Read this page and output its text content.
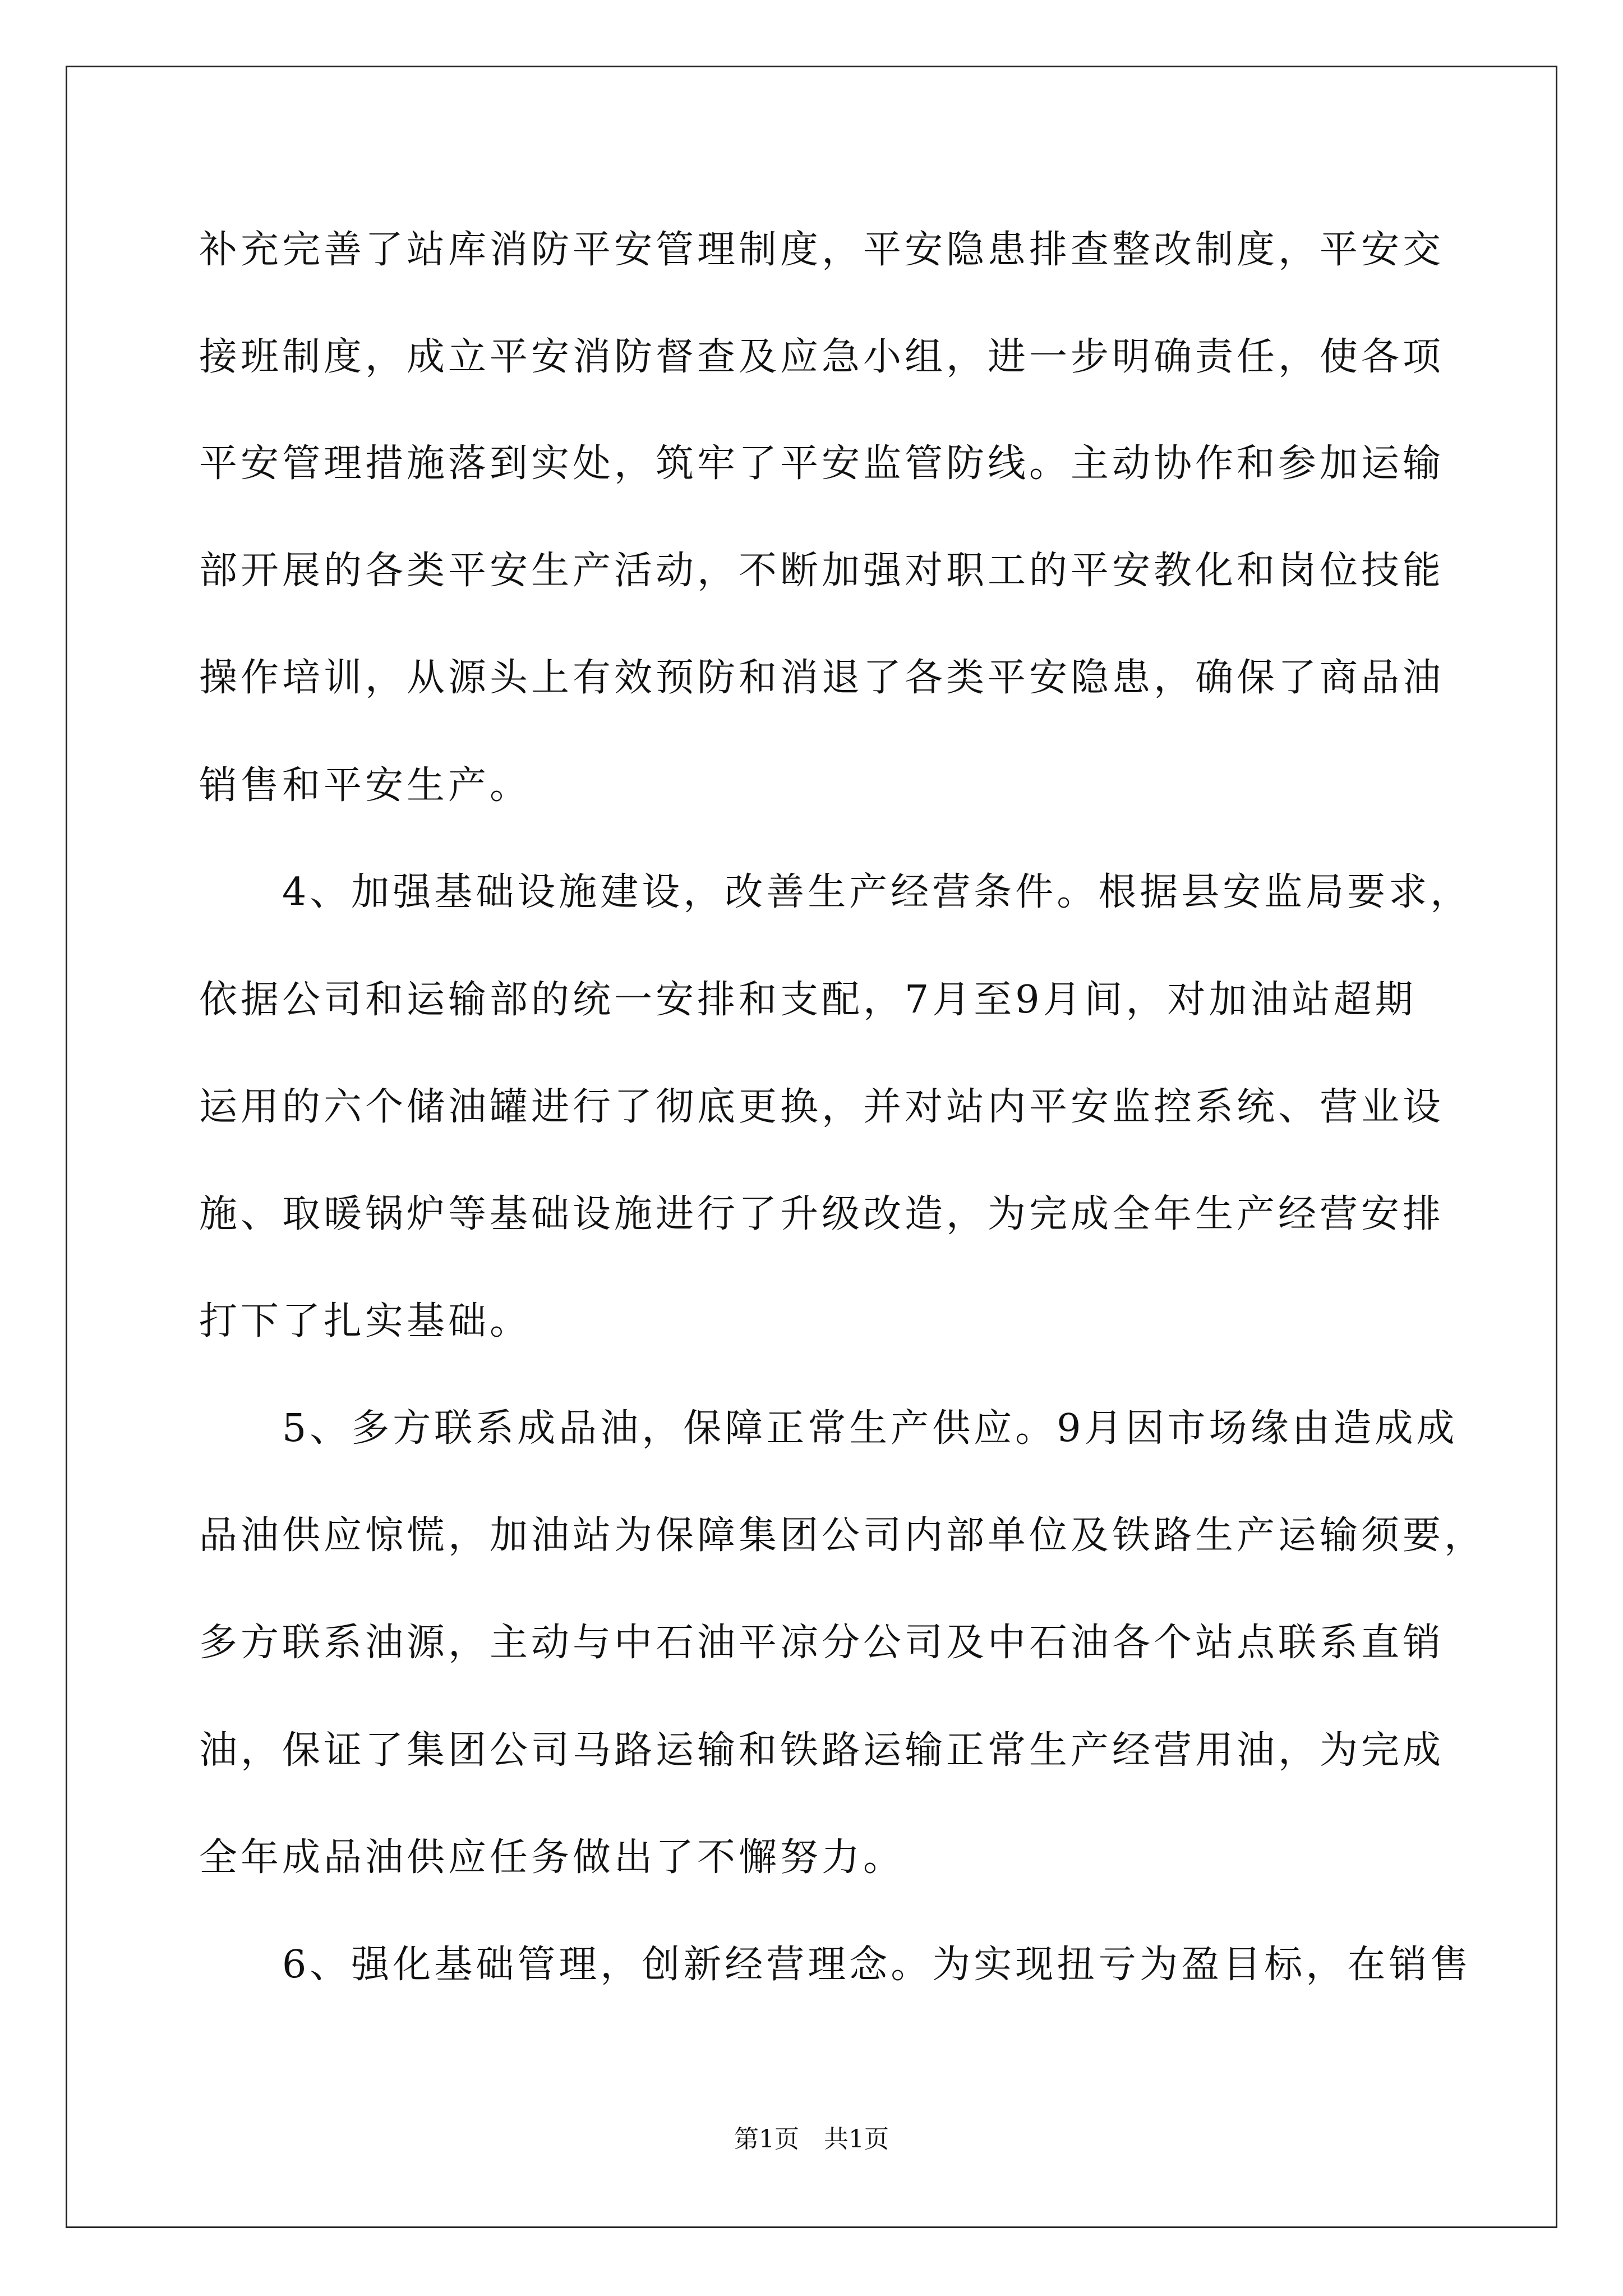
补充完善了站库消防平安管理制度，平安隐患排查整改制度，平安交
接班制度，成立平安消防督查及应急小组，进一步明确责任，使各项
平安管理措施落到实处，筑牢了平安监管防线。主动协作和参加运输
部开展的各类平安生产活动，不断加强对职工的平安教化和岗位技能
操作培训，从源头上有效预防和消退了各类平安隐患，确保了商品油
销售和平安生产。
　　4、加强基础设施建设，改善生产经营条件。根据县安监局要求，
依据公司和运输部的统一安排和支配，7月至9月间，对加油站超期
运用的六个储油罐进行了彻底更换，并对站内平安监控系统、营业设
施、取暖锅炉等基础设施进行了升级改造，为完成全年生产经营安排
打下了扎实基础。
　　5、多方联系成品油，保障正常生产供应。9月因市场缘由造成成
品油供应惊慌，加油站为保障集团公司内部单位及铁路生产运输须要，
多方联系油源，主动与中石油平凉分公司及中石油各个站点联系直销
油，保证了集团公司马路运输和铁路运输正常生产经营用油，为完成
全年成品油供应任务做出了不懈努力。
　　6、强化基础管理，创新经营理念。为实现扭亏为盈目标，在销售
第1页　共1页
